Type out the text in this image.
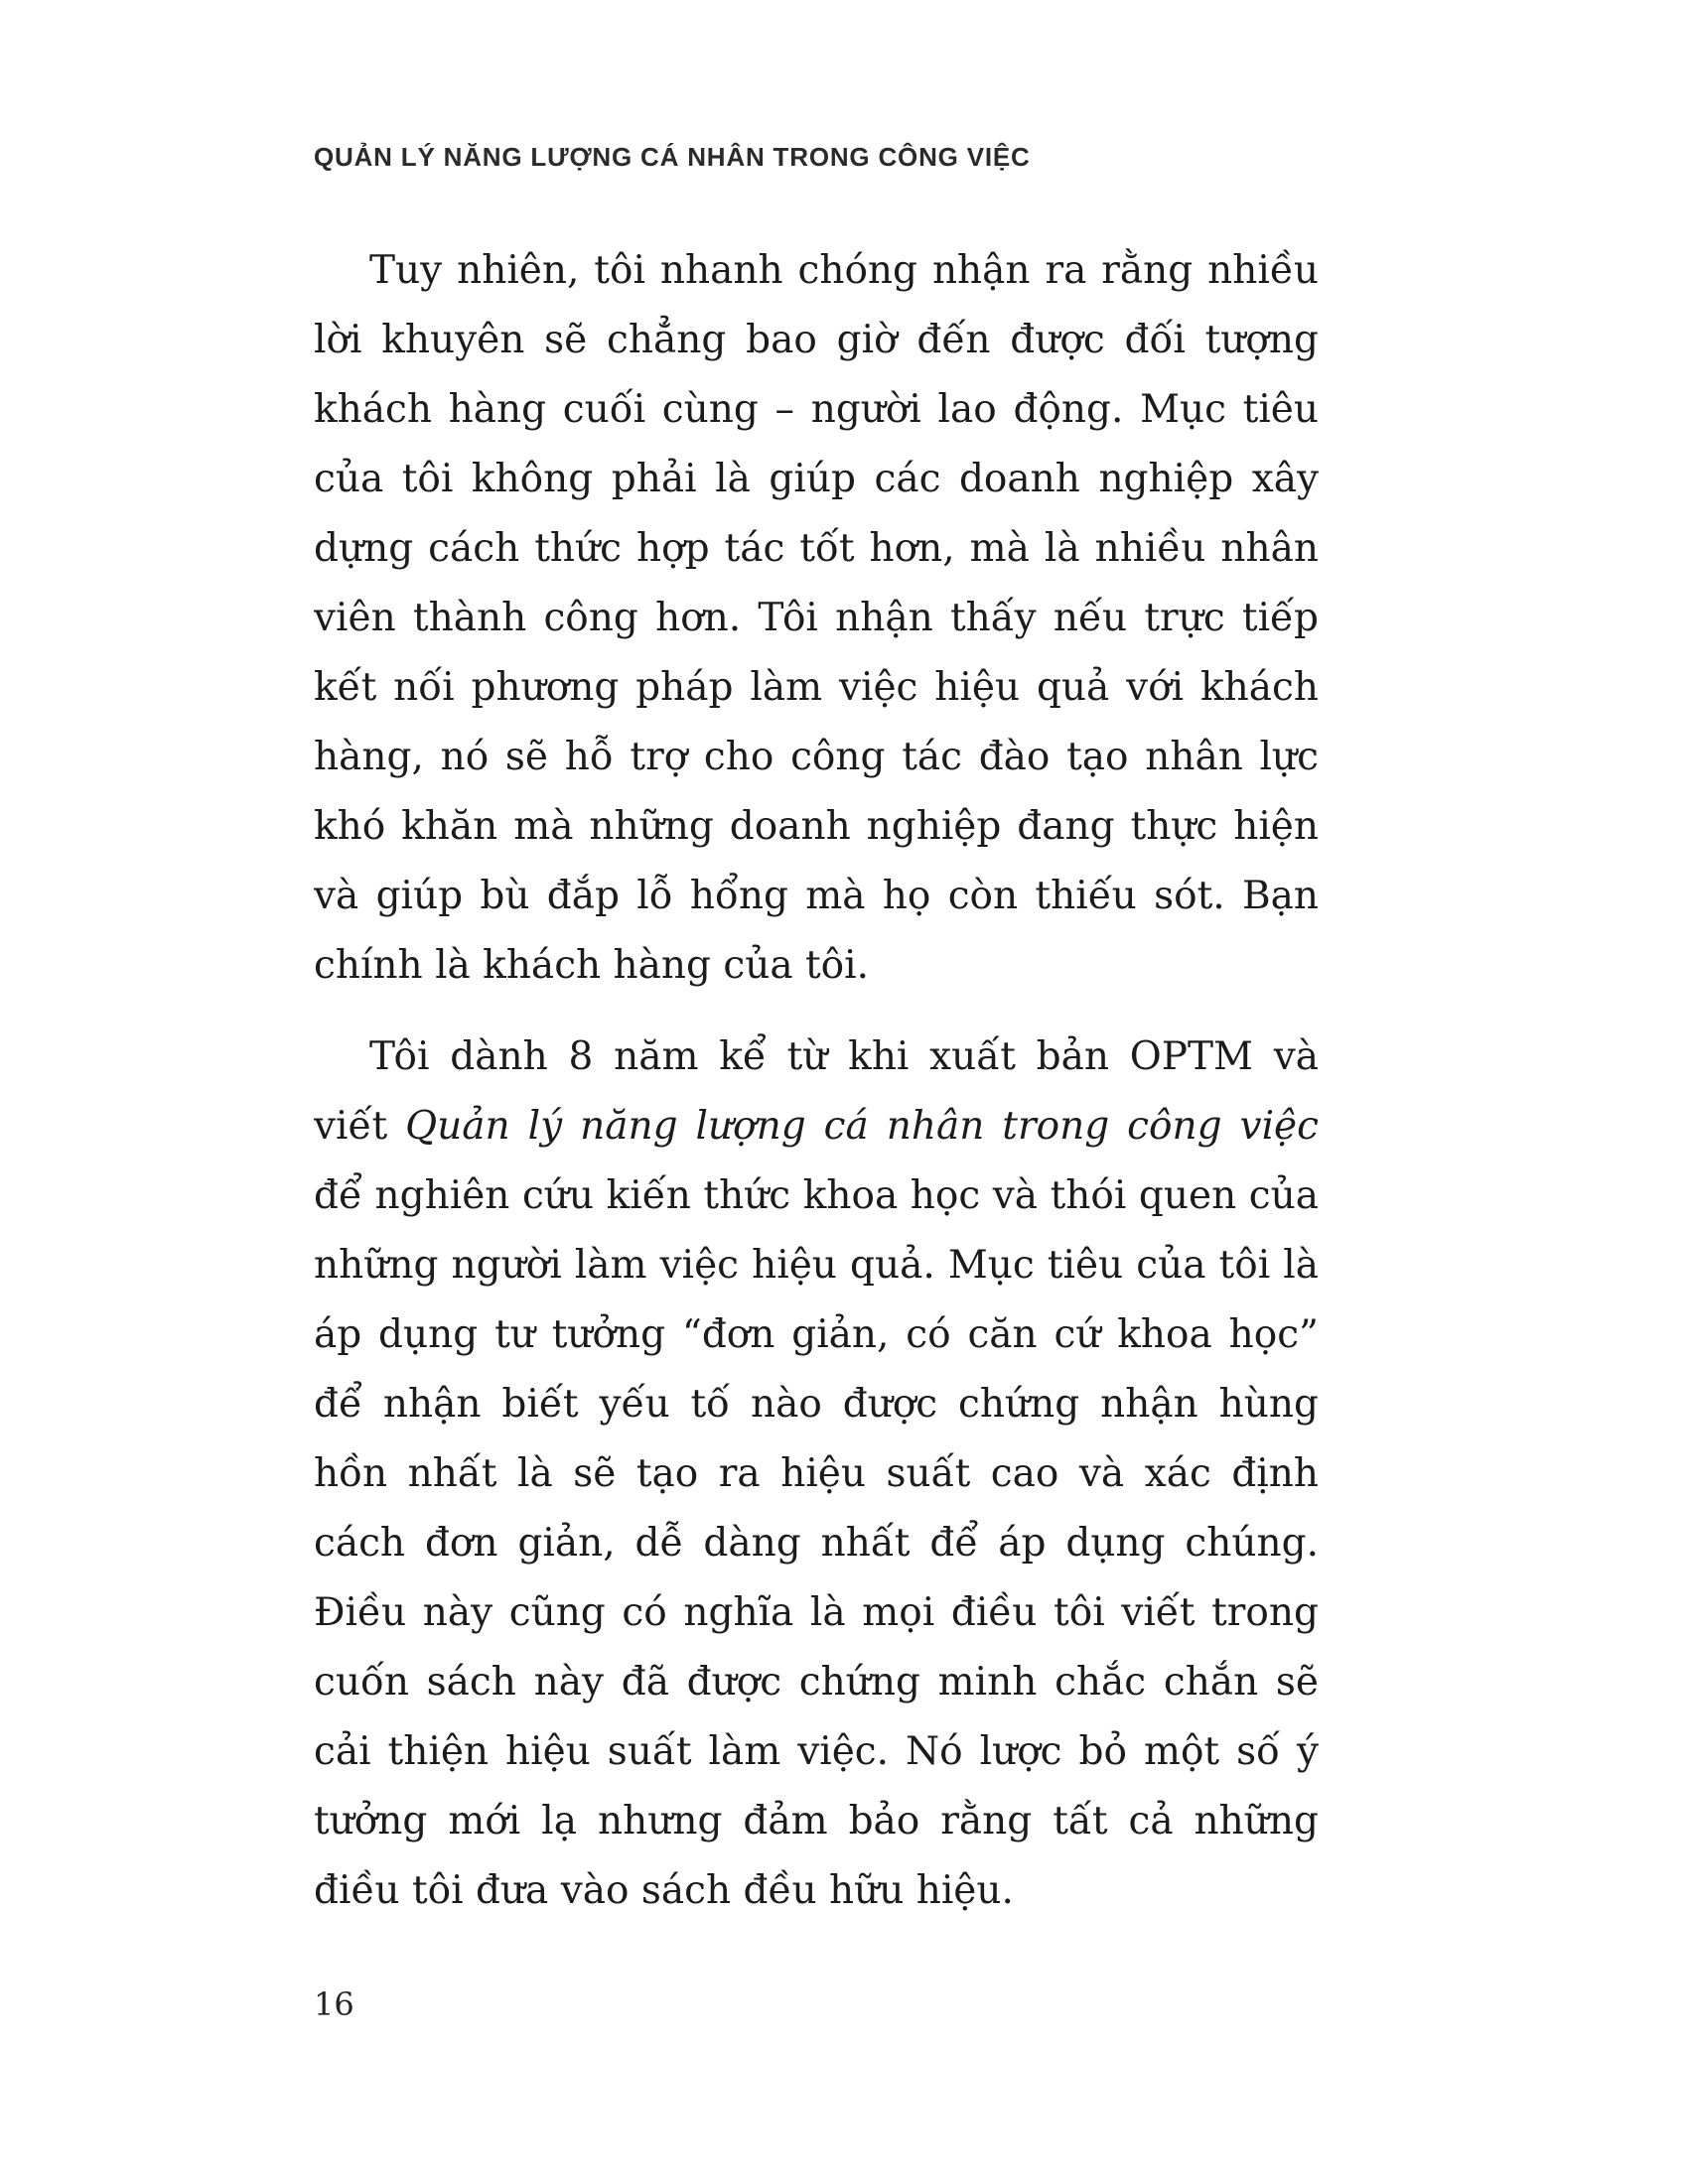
QUẢN LÝ NĂNG LƯỢNG CÁ NHÂN TRONG CÔNG VIỆC

Tuy nhiên, tôi nhanh chóng nhận ra rằng nhiều lời khuyên sẽ chẳng bao giờ đến được đối tượng khách hàng cuối cùng – người lao động. Mục tiêu của tôi không phải là giúp các doanh nghiệp xây dựng cách thức hợp tác tốt hơn, mà là nhiều nhân viên thành công hơn. Tôi nhận thấy nếu trực tiếp kết nối phương pháp làm việc hiệu quả với khách hàng, nó sẽ hỗ trợ cho công tác đào tạo nhân lực khó khăn mà những doanh nghiệp đang thực hiện và giúp bù đắp lỗ hổng mà họ còn thiếu sót. Bạn chính là khách hàng của tôi.

Tôi dành 8 năm kể từ khi xuất bản OPTM và viết Quản lý năng lượng cá nhân trong công việc để nghiên cứu kiến thức khoa học và thói quen của những người làm việc hiệu quả. Mục tiêu của tôi là áp dụng tư tưởng “đơn giản, có căn cứ khoa học” để nhận biết yếu tố nào được chứng nhận hùng hồn nhất là sẽ tạo ra hiệu suất cao và xác định cách đơn giản, dễ dàng nhất để áp dụng chúng. Điều này cũng có nghĩa là mọi điều tôi viết trong cuốn sách này đã được chứng minh chắc chắn sẽ cải thiện hiệu suất làm việc. Nó lược bỏ một số ý tưởng mới lạ nhưng đảm bảo rằng tất cả những điều tôi đưa vào sách đều hữu hiệu.

16
